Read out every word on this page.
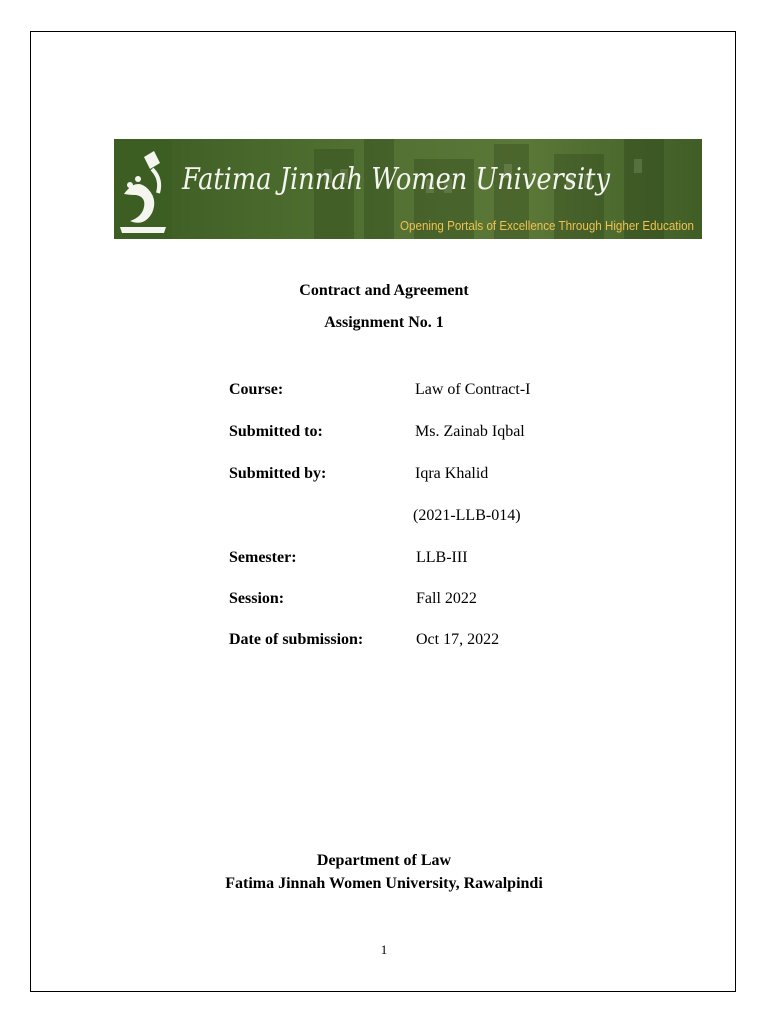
Fatima Jinnah Women University
Opening Portals of Excellence Through Higher Education
Contract and Agreement
Assignment No. 1
Course:	Law of Contract-I
Submitted to:	Ms. Zainab Iqbal
Submitted by:	Iqra Khalid
(2021-LLB-014)
Semester:	LLB-III
Session:	Fall 2022
Date of submission:	Oct 17, 2022
Department of Law
Fatima Jinnah Women University, Rawalpindi
1
